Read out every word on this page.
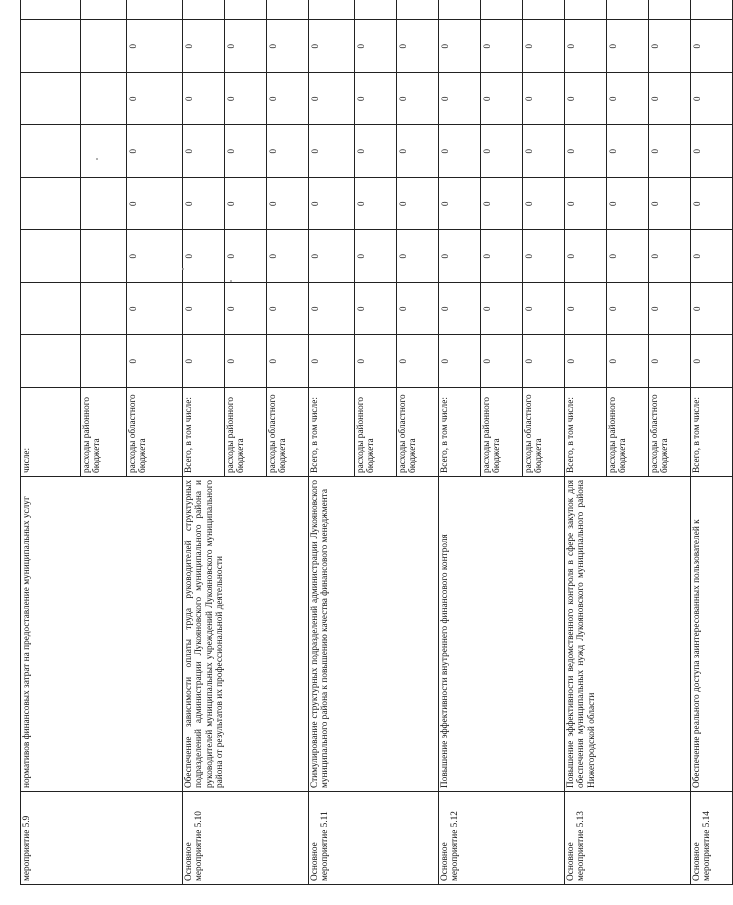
мероприятие 5.9	нормативов финансовых затрат на предоставление муниципальных услуг	числе:								
		расходы районного бюджета								
		расходы областного бюджета	0	0	0	0	0	0	0	
Основное мероприятие 5.10	Обеспечение зависимости оплаты труда руководителей структурных подразделений администрации Лукояновского муниципального района и руководителей муниципальных учреждений Лукояновского муниципального района от результатов их профессиональной деятельности	Всего, в том числе:	0	0	0	0	0	0	0	
		расходы районного бюджета	0	0	0	0	0	0	0	
		расходы областного бюджета	0	0	0	0	0	0	0	
Основное мероприятие 5.11	Стимулирование структурных подразделений администрации Лукояновского муниципального района к повышению качества финансового менеджмента	Всего, в том числе:	0	0	0	0	0	0	0	
		расходы районного бюджета	0	0	0	0	0	0	0	
		расходы областного бюджета	0	0	0	0	0	0	0	
Основное мероприятие 5.12	Повышение эффективности внутреннего финансового контроля	Всего, в том числе:	0	0	0	0	0	0	0	
		расходы районного бюджета	0	0	0	0	0	0	0	
		расходы областного бюджета	0	0	0	0	0	0	0	
Основное мероприятие 5.13	Повышение эффективности ведомственного контроля в сфере закупок для обеспечения муниципальных нужд Лукояновского муниципального района Нижегородской области	Всего, в том числе:	0	0	0	0	0	0	0	
		расходы районного бюджета	0	0	0	0	0	0	0	
		расходы областного бюджета	0	0	0	0	0	0	0	
Основное мероприятие 5.14	Обеспечение реального доступа заинтересованных пользователей к	Всего, в том числе:	0	0	0	0	0	0	0	
